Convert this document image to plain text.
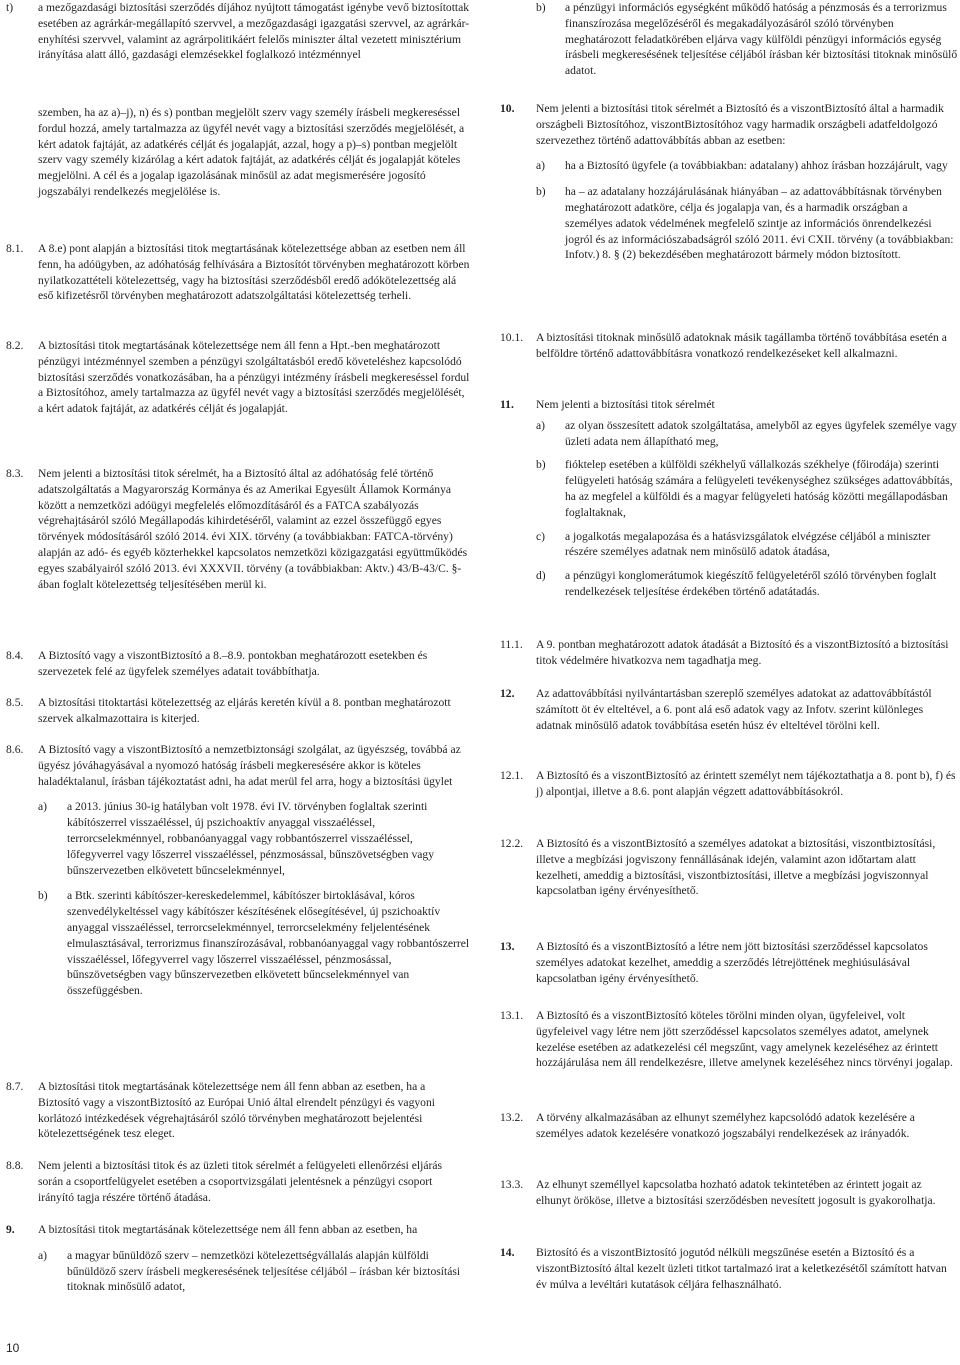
t)	a mezőgazdasági biztosítási szerződés díjához nyújtott támogatást igénybe vevő biztosítottak esetében az agrárkár-megállapító szervvel, a mezőgazdasági igazgatási szervvel, az agrárkár-enyhítési szervvel, valamint az agrárpolitikáért felelős miniszter által vezetett minisztérium irányítása alatt álló, gazdasági elemzésekkel foglalkozó intézménnyel

szemben, ha az a)–j), n) és s) pontban megjelölt szerv vagy személy írásbeli megkereséssel fordul hozzá, amely tartalmazza az ügyfél nevét vagy a biztosítási szerződés megjelölését, a kért adatok fajtáját, az adatkérés célját és jogalapját, azzal, hogy a p)–s) pontban megjelölt szerv vagy személy kizárólag a kért adatok fajtáját, az adatkérés célját és jogalapját köteles megjelölni. A cél és a jogalap igazolásának minősül az adat megismerésére jogosító jogszabályi rendelkezés megjelölése is.

8.1.	A 8.e) pont alapján a biztosítási titok megtartásának kötelezettsége abban az esetben nem áll fenn, ha adóügyben, az adóhatóság felhívására a Biztosítót törvényben meghatározott körben nyilatkozattételi kötelezettség, vagy ha biztosítási szerződésből eredő adókötelezettség alá eső kifizetésről törvényben meghatározott adatszolgáltatási kötelezettség terheli.
8.2.	A biztosítási titok megtartásának kötelezettsége nem áll fenn a Hpt.-ben meghatározott pénzügyi intézménnyel szemben a pénzügyi szolgáltatásból eredő követeléshez kapcsolódó biztosítási szerződés vonatkozásában, ha a pénzügyi intézmény írásbeli megkereséssel fordul a Biztosítóhoz, amely tartalmazza az ügyfél nevét vagy a biztosítási szerződés megjelölését, a kért adatok fajtáját, az adatkérés célját és jogalapját.
8.3.	Nem jelenti a biztosítási titok sérelmét, ha a Biztosító által az adóhatóság felé történő adatszolgáltatás a Magyarország Kormánya és az Amerikai Egyesült Államok Kormánya között a nemzetközi adóügyi megfelelés előmozdításáról és a FATCA szabályozás végrehajtásáról szóló Megállapodás kihirdetéséről, valamint az ezzel összefüggő egyes törvények módosításáról szóló 2014. évi XIX. törvény (a továbbiakban: FATCA-törvény) alapján az adó- és egyéb közterhekkel kapcsolatos nemzetközi közigazgatási együttműködés egyes szabályairól szóló 2013. évi XXXVII. törvény (a továbbiakban: Aktv.) 43/B-43/C. §-ában foglalt kötelezettség teljesítésében merül ki.
8.4.	A Biztosító vagy a viszontBiztosító a 8.–8.9. pontokban meghatározott esetekben és szervezetek felé az ügyfelek személyes adatait továbbíthatja.
8.5.	A biztosítási titoktartási kötelezettség az eljárás keretén kívül a 8. pontban meghatározott szervek alkalmazottaira is kiterjed.
8.6.	A Biztosító vagy a viszontBiztosító a nemzetbiztonsági szolgálat, az ügyészség, továbbá az ügyész jóváhagyásával a nyomozó hatóság írásbeli megkeresésére akkor is köteles haladéktalanul, írásban tájékoztatást adni, ha adat merül fel arra, hogy a biztosítási ügylet

a)	a 2013. június 30-ig hatályban volt 1978. évi IV. törvényben foglaltak szerinti kábítószerrel visszaéléssel, új pszichoaktív anyaggal visszaéléssel, terrorcselekménnyel, robbanóanyaggal vagy robbantószerrel visszaéléssel, lőfegyverrel vagy lőszerrel visszaéléssel, pénzmosással, bűnszövetségben vagy bűnszervezetben elkövetett bűncselekménnyel,
b)	a Btk. szerinti kábítószer-kereskedelemmel, kábítószer birtoklásával, kóros szenvedélykeltéssel vagy kábítószer készítésének elősegítésével, új pszichoaktív anyaggal visszaéléssel, terrorcselekménnyel, terrorcselekmény feljelentésének elmulasztásával, terrorizmus finanszírozásával, robbanóanyaggal vagy robbantószerrel visszaéléssel, lőfegyverrel vagy lőszerrel visszaéléssel, pénzmosással, bűnszövetségben vagy bűnszervezetben elkövetett bűncselekménnyel van összefüggésben.
8.7.	A biztosítási titok megtartásának kötelezettsége nem áll fenn abban az esetben, ha a Biztosító vagy a viszontBiztosító az Európai Unió által elrendelt pénzügyi és vagyoni korlátozó intézkedések végrehajtásáról szóló törvényben meghatározott bejelentési kötelezettségének tesz eleget.
8.8.	Nem jelenti a biztosítási titok és az üzleti titok sérelmét a felügyeleti ellenőrzési eljárás során a csoportfelügyelet esetében a csoportvizsgálati jelentésnek a pénzügyi csoport irányító tagja részére történő átadása.
9.	A biztosítási titok megtartásának kötelezettsége nem áll fenn abban az esetben, ha

a)	a magyar bűnüldöző szerv – nemzetközi kötelezettségvállalás alapján külföldi bűnüldöző szerv írásbeli megkeresésének teljesítése céljából – írásban kér biztosítási titoknak minősülő adatot,
b)	a pénzügyi információs egységként működő hatóság a pénzmosás és a terrorizmus finanszírozása megelőzéséről és megakadályozásáról szóló törvényben meghatározott feladatkörében eljárva vagy külföldi pénzügyi információs egység írásbeli megkeresésének teljesítése céljából írásban kér biztosítási titoknak minősülő adatot.
10.	Nem jelenti a biztosítási titok sérelmét a Biztosító és a viszontBiztosító által a harmadik országbeli Biztosítóhoz, viszontBiztosítóhoz vagy harmadik országbeli adatfeldolgozó szervezethez történő adattovábbítás abban az esetben:

a)	ha a Biztosító ügyfele (a továbbiakban: adatalany) ahhoz írásban hozzájárult, vagy
b)	ha – az adatalany hozzájárulásának hiányában – az adattovábbításnak törvényben meghatározott adatköre, célja és jogalapja van, és a harmadik országban a személyes adatok védelmének megfelelő szintje az információs önrendelkezési jogról és az információszabadságról szóló 2011. évi CXII. törvény (a továbbiakban: Infotv.) 8. § (2) bekezdésében meghatározott bármely módon biztosított.
10.1.	A biztosítási titoknak minősülő adatoknak másik tagállamba történő továbbítása esetén a belföldre történő adattovábbításra vonatkozó rendelkezéseket kell alkalmazni.
11.	Nem jelenti a biztosítási titok sérelmét

a)	az olyan összesített adatok szolgáltatása, amelyből az egyes ügyfelek személye vagy üzleti adata nem állapítható meg,
b)	fióktelep esetében a külföldi székhelyű vállalkozás székhelye (főirodája) szerinti felügyeleti hatóság számára a felügyeleti tevékenységhez szükséges adattovábbítás, ha az megfelel a külföldi és a magyar felügyeleti hatóság közötti megállapodásban foglaltaknak,
c)	a jogalkotás megalapozása és a hatásvizsgálatok elvégzése céljából a miniszter részére személyes adatnak nem minősülő adatok átadása,
d)	a pénzügyi konglomerátumok kiegészítő felügyeletéről szóló törvényben foglalt rendelkezések teljesítése érdekében történő adatátadás.
11.1.	A 9. pontban meghatározott adatok átadását a Biztosító és a viszontBiztosító a biztosítási titok védelmére hivatkozva nem tagadhatja meg.
12.	Az adattovábbítási nyilvántartásban szereplő személyes adatokat az adattovábbítástól számított öt év elteltével, a 6. pont alá eső adatok vagy az Infotv. szerint különleges adatnak minősülő adatok továbbítása esetén húsz év elteltével törölni kell.
12.1.	A Biztosító és a viszontBiztosító az érintett személyt nem tájékoztathatja a 8. pont b), f) és j) alpontjai, illetve a 8.6. pont alapján végzett adattovábbításokról.
12.2.	A Biztosító és a viszontBiztosító a személyes adatokat a biztosítási, viszontbiztosítási, illetve a megbízási jogviszony fennállásának idején, valamint azon időtartam alatt kezelheti, ameddig a biztosítási, viszontbiztosítási, illetve a megbízási jogviszonnyal kapcsolatban igény érvényesíthető.
13.	A Biztosító és a viszontBiztosító a létre nem jött biztosítási szerződéssel kapcsolatos személyes adatokat kezelhet, ameddig a szerződés létrejöttének meghiúsulásával kapcsolatban igény érvényesíthető.
13.1.	A Biztosító és a viszontBiztosító köteles törölni minden olyan, ügyfeleivel, volt ügyfeleivel vagy létre nem jött szerződéssel kapcsolatos személyes adatot, amelynek kezelése esetében az adatkezelési cél megszűnt, vagy amelynek kezeléséhez az érintett hozzájárulása nem áll rendelkezésre, illetve amelynek kezeléséhez nincs törvényi jogalap.
13.2.	A törvény alkalmazásában az elhunyt személyhez kapcsolódó adatok kezelésére a személyes adatok kezelésére vonatkozó jogszabályi rendelkezések az irányadók.
13.3.	Az elhunyt személlyel kapcsolatba hozható adatok tekintetében az érintett jogait az elhunyt örököse, illetve a biztosítási szerződésben nevesített jogosult is gyakorolhatja.
14.	Biztosító és a viszontBiztosító jogutód nélküli megszűnése esetén a Biztosító és a viszontBiztosító által kezelt üzleti titkot tartalmazó irat a keletkezésétől számított hatvan év múlva a levéltári kutatások céljára felhasználható.
10
